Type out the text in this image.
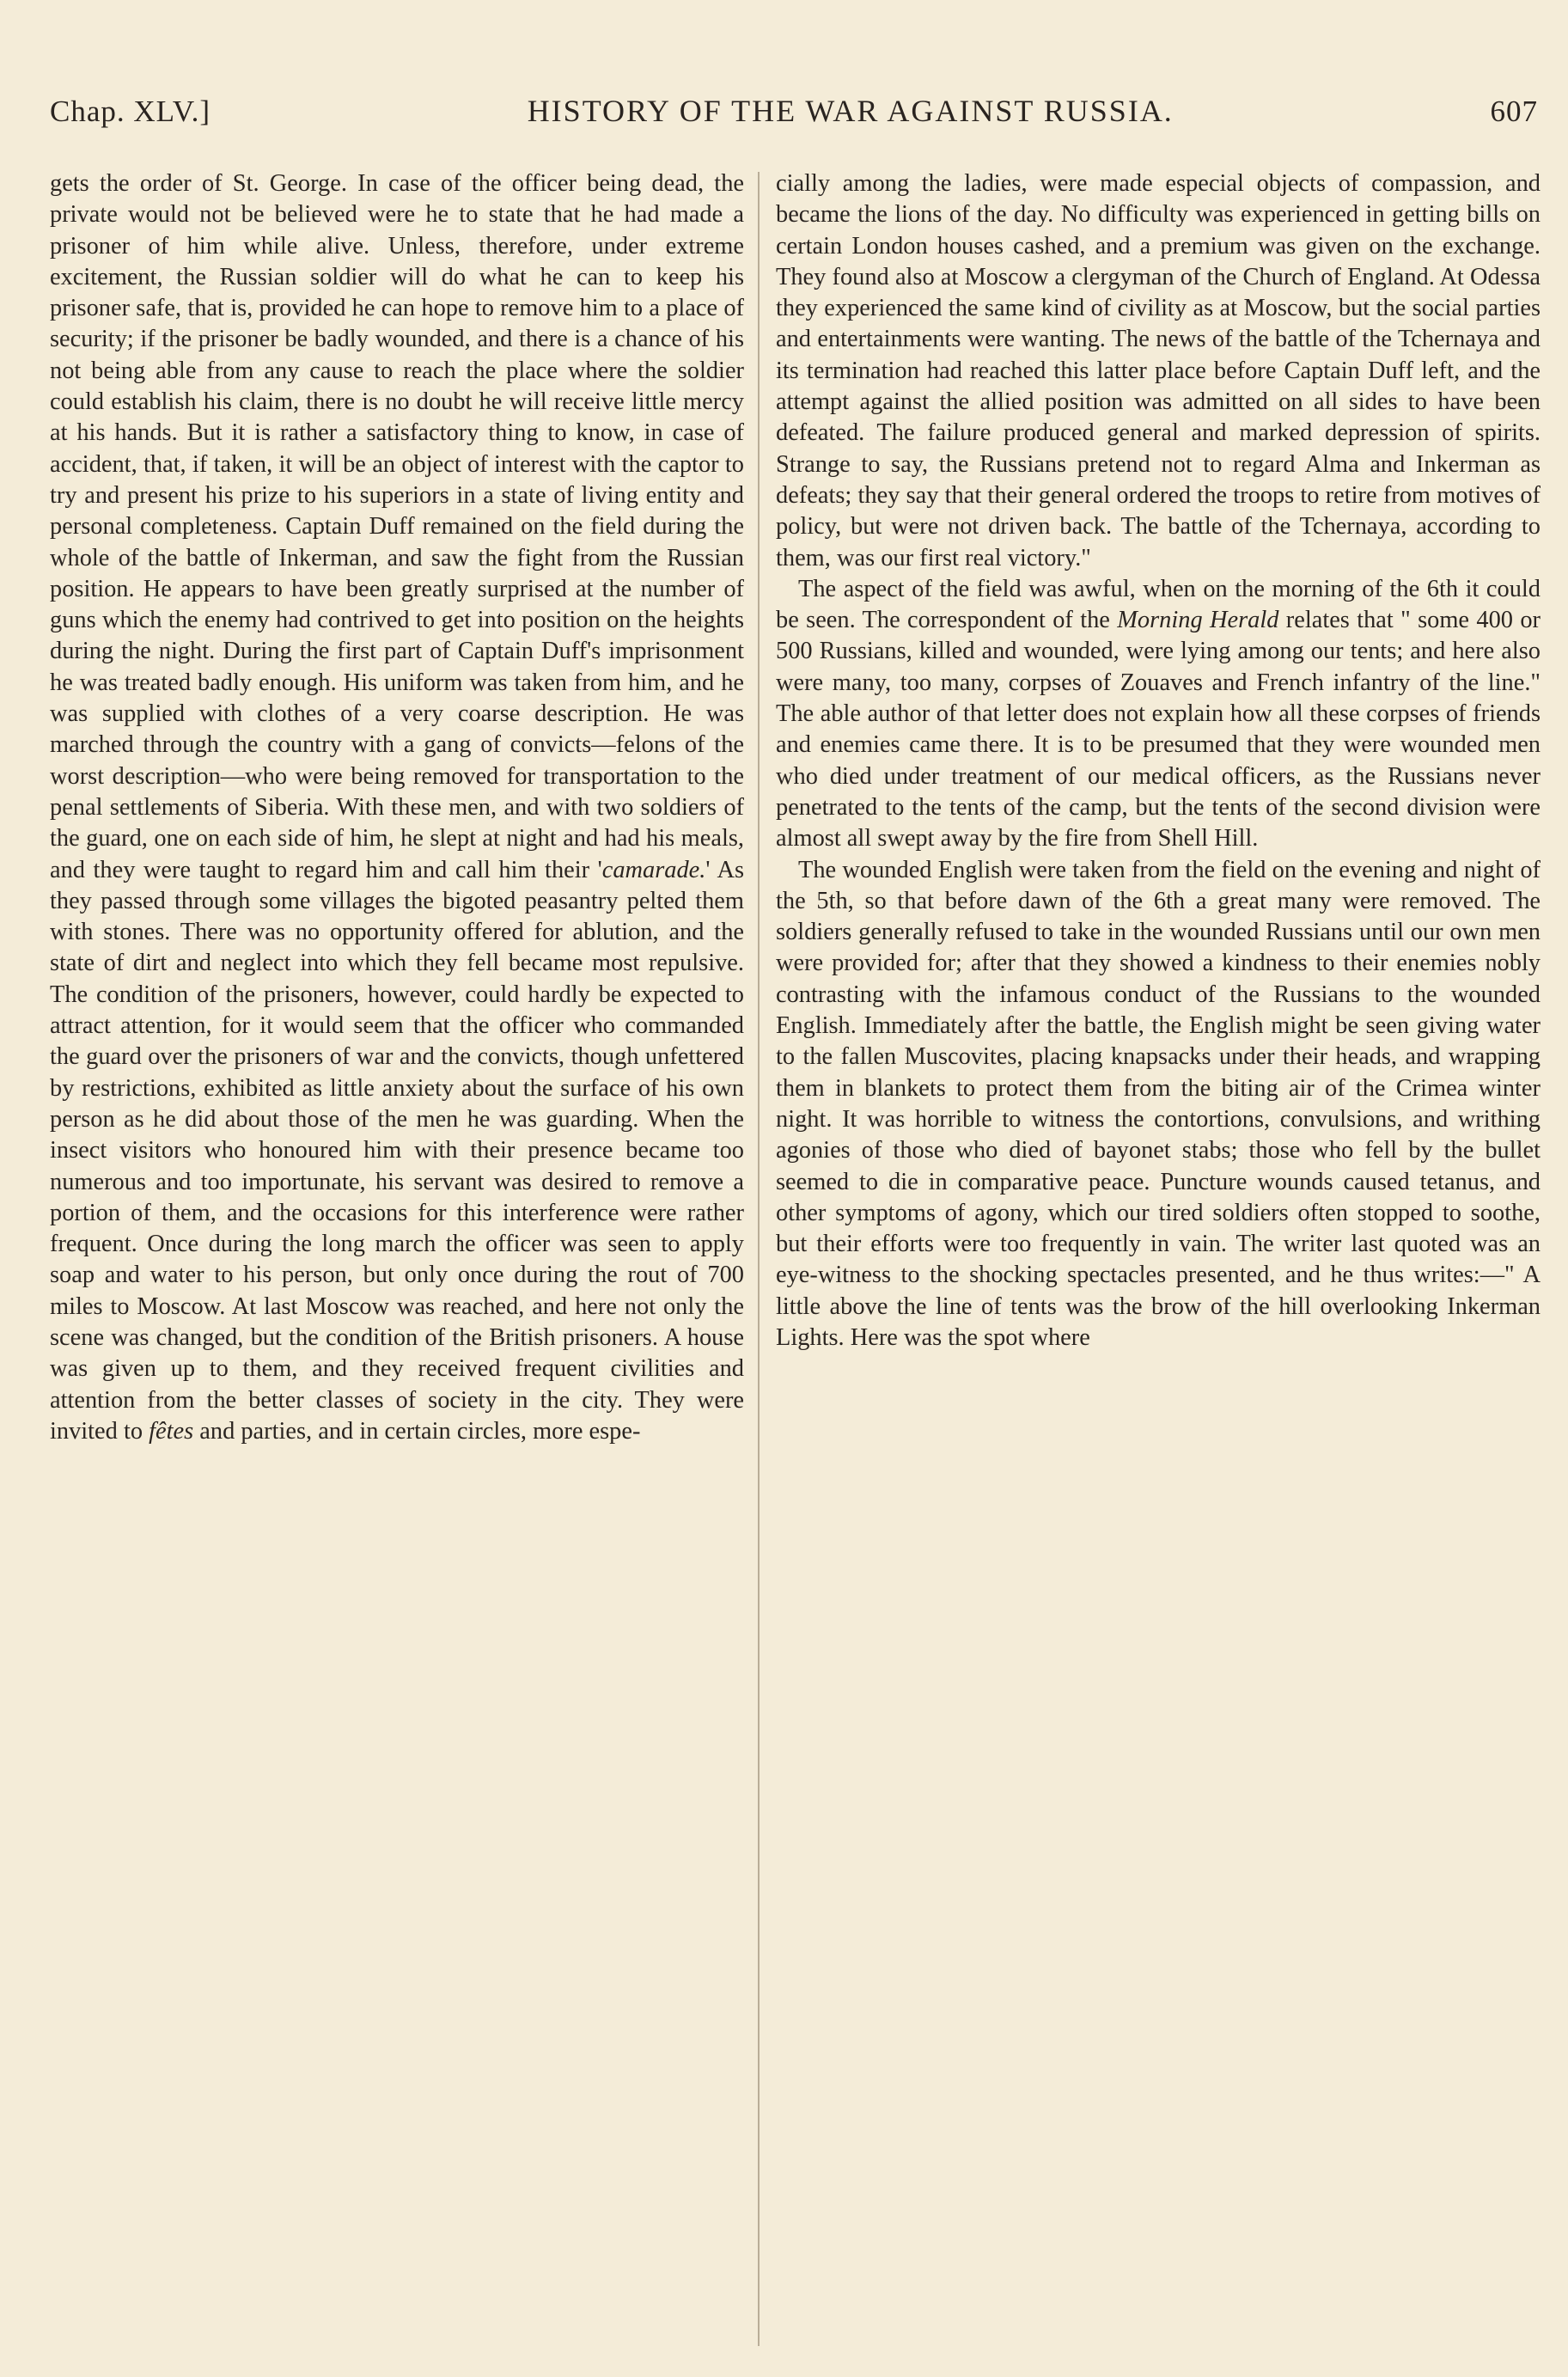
Chap. XLV.]	HISTORY OF THE WAR AGAINST RUSSIA.	607

gets the order of St. George. In case of the officer being dead, the private would not be believed were he to state that he had made a prisoner of him while alive. Unless, therefore, under extreme excitement, the Russian soldier will do what he can to keep his prisoner safe, that is, provided he can hope to remove him to a place of security; if the prisoner be badly wounded, and there is a chance of his not being able from any cause to reach the place where the soldier could establish his claim, there is no doubt he will receive little mercy at his hands. But it is rather a satisfactory thing to know, in case of accident, that, if taken, it will be an object of interest with the captor to try and present his prize to his superiors in a state of living entity and personal completeness. Captain Duff remained on the field during the whole of the battle of Inkerman, and saw the fight from the Russian position. He appears to have been greatly surprised at the number of guns which the enemy had contrived to get into position on the heights during the night. During the first part of Captain Duff's imprisonment he was treated badly enough. His uniform was taken from him, and he was supplied with clothes of a very coarse description. He was marched through the country with a gang of convicts—felons of the worst description—who were being removed for transportation to the penal settlements of Siberia. With these men, and with two soldiers of the guard, one on each side of him, he slept at night and had his meals, and they were taught to regard him and call him their 'camarade.' As they passed through some villages the bigoted peasantry pelted them with stones. There was no opportunity offered for ablution, and the state of dirt and neglect into which they fell became most repulsive. The condition of the prisoners, however, could hardly be expected to attract attention, for it would seem that the officer who commanded the guard over the prisoners of war and the convicts, though unfettered by restrictions, exhibited as little anxiety about the surface of his own person as he did about those of the men he was guarding. When the insect visitors who honoured him with their presence became too numerous and too importunate, his servant was desired to remove a portion of them, and the occasions for this interference were rather frequent. Once during the long march the officer was seen to apply soap and water to his person, but only once during the rout of 700 miles to Moscow. At last Moscow was reached, and here not only the scene was changed, but the condition of the British prisoners. A house was given up to them, and they received frequent civilities and attention from the better classes of society in the city. They were invited to fêtes and parties, and in certain circles, more espe-

cially among the ladies, were made especial objects of compassion, and became the lions of the day. No difficulty was experienced in getting bills on certain London houses cashed, and a premium was given on the exchange. They found also at Moscow a clergyman of the Church of England. At Odessa they experienced the same kind of civility as at Moscow, but the social parties and entertainments were wanting. The news of the battle of the Tchernaya and its termination had reached this latter place before Captain Duff left, and the attempt against the allied position was admitted on all sides to have been defeated. The failure produced general and marked depression of spirits. Strange to say, the Russians pretend not to regard Alma and Inkerman as defeats; they say that their general ordered the troops to retire from motives of policy, but were not driven back. The battle of the Tchernaya, according to them, was our first real victory."

The aspect of the field was awful, when on the morning of the 6th it could be seen. The correspondent of the Morning Herald relates that " some 400 or 500 Russians, killed and wounded, were lying among our tents; and here also were many, too many, corpses of Zouaves and French infantry of the line." The able author of that letter does not explain how all these corpses of friends and enemies came there. It is to be presumed that they were wounded men who died under treatment of our medical officers, as the Russians never penetrated to the tents of the camp, but the tents of the second division were almost all swept away by the fire from Shell Hill.

The wounded English were taken from the field on the evening and night of the 5th, so that before dawn of the 6th a great many were removed. The soldiers generally refused to take in the wounded Russians until our own men were provided for; after that they showed a kindness to their enemies nobly contrasting with the infamous conduct of the Russians to the wounded English. Immediately after the battle, the English might be seen giving water to the fallen Muscovites, placing knapsacks under their heads, and wrapping them in blankets to protect them from the biting air of the Crimea winter night. It was horrible to witness the contortions, convulsions, and writhing agonies of those who died of bayonet stabs; those who fell by the bullet seemed to die in comparative peace. Puncture wounds caused tetanus, and other symptoms of agony, which our tired soldiers often stopped to soothe, but their efforts were too frequently in vain. The writer last quoted was an eye-witness to the shocking spectacles presented, and he thus writes:—" A little above the line of tents was the brow of the hill overlooking Inkerman Lights. Here was the spot where
